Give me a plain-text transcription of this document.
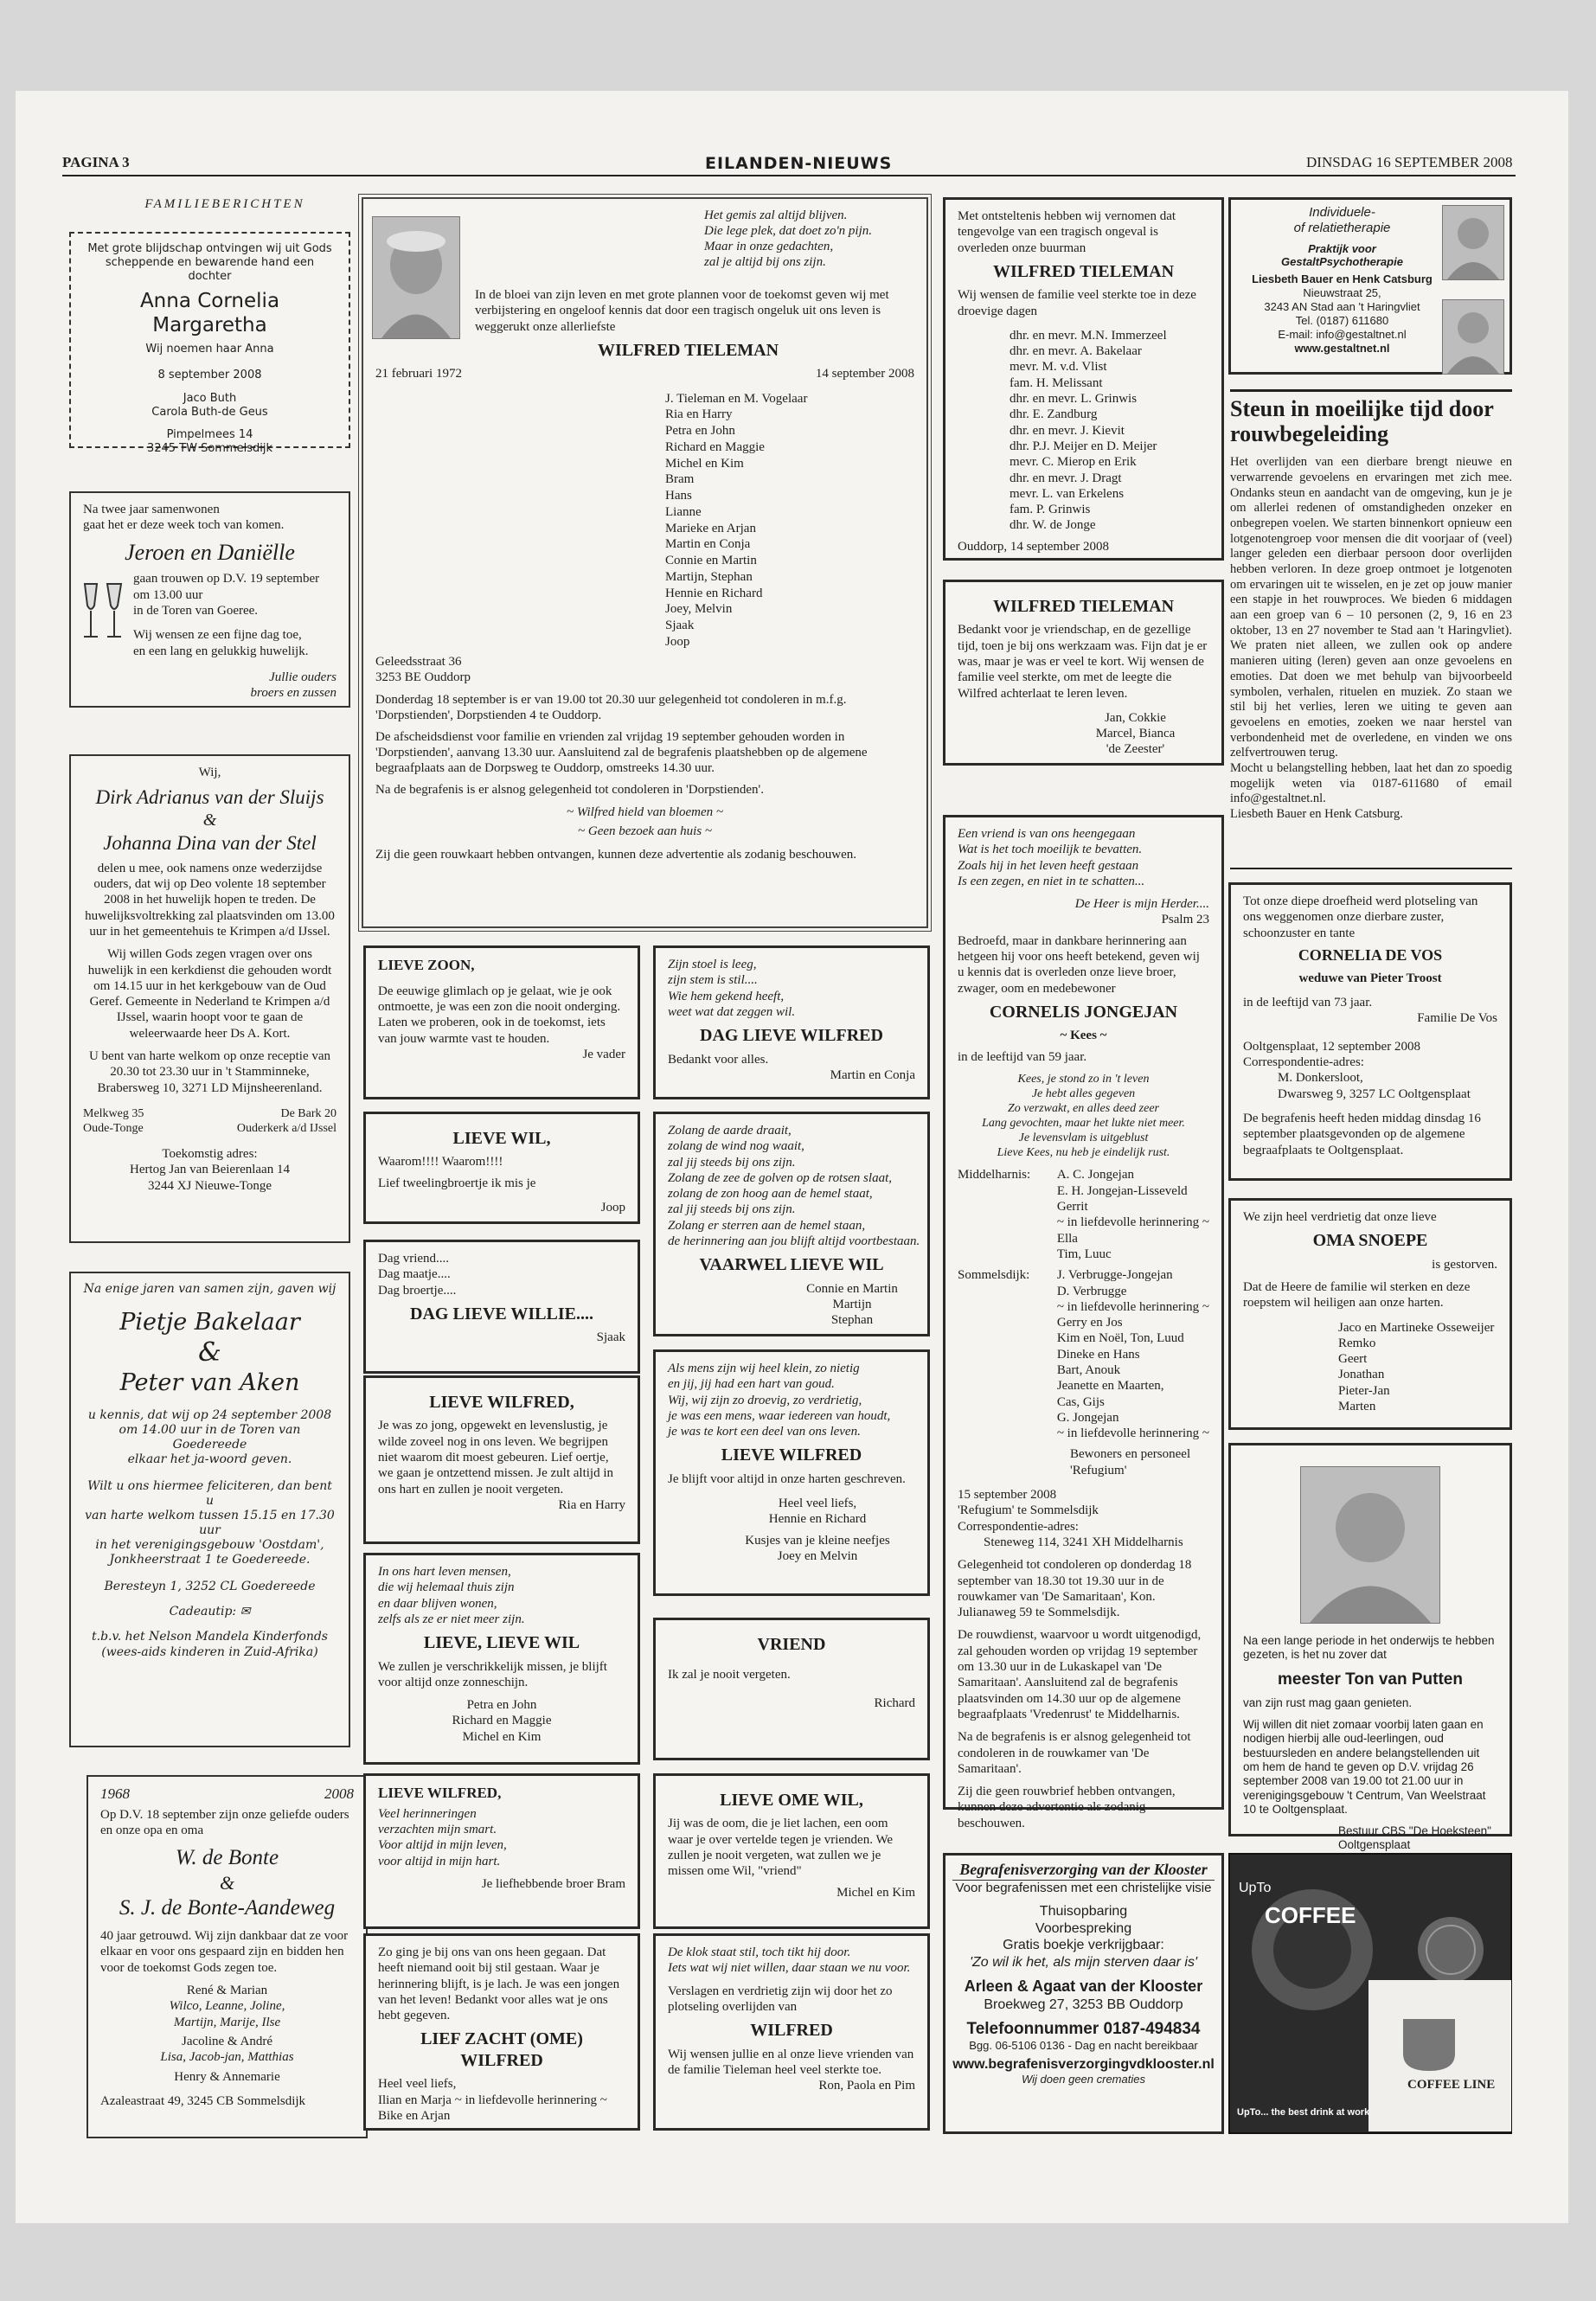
PAGINA 3	EILANDEN-NIEUWS	DINSDAG 16 SEPTEMBER 2008
FAMILIEBERICHTEN
Met grote blijdschap ontvingen wij uit Gods scheppende en bewarende hand een dochter
Anna Cornelia Margaretha
Wij noemen haar Anna
8 september 2008
Jaco Buth
Carola Buth-de Geus
Pimpelmees 14
3245 TW Sommelsdijk
Na twee jaar samenwonen
gaat het er deze week toch van komen.
Jeroen en Daniëlle
gaan trouwen op D.V. 19 september
om 13.00 uur
in de Toren van Goeree.
Wij wensen ze een fijne dag toe,
en een lang en gelukkig huwelijk.
Jullie ouders
broers en zussen
Wij,
Dirk Adrianus van der Sluijs
&
Johanna Dina van der Stel
delen u mee, ook namens onze wederzijdse ouders, dat wij op Deo volente 18 september 2008 in het huwelijk hopen te treden. De huwelijksvoltrekking zal plaatsvinden om 13.00 uur in het gemeentehuis te Krimpen a/d IJssel.
Wij willen Gods zegen vragen over ons huwelijk in een kerkdienst die gehouden wordt om 14.15 uur in het kerkgebouw van de Oud Geref. Gemeente in Nederland te Krimpen a/d IJssel, waarin hoopt voor te gaan de weleerwaarde heer Ds A. Kort.
U bent van harte welkom op onze receptie van 20.30 tot 23.30 uur in 't Stamminneke, Brabersweg 10, 3271 LD Mijnsheerenland.
Melkweg 35
Oude-Tonge
De Bark 20
Ouderkerk a/d IJssel
Toekomstig adres:
Hertog Jan van Beierenlaan 14
3244 XJ Nieuwe-Tonge
Na enige jaren van samen zijn, gaven wij
Pietje Bakelaar
&
Peter van Aken
u kennis, dat wij op 24 september 2008
om 14.00 uur in de Toren van Goedereede
elkaar het ja-woord geven.
Wilt u ons hiermee feliciteren, dan bent u
van harte welkom tussen 15.15 en 17.30 uur
in het verenigingsgebouw 'Oostdam',
Jonkheerstraat 1 te Goedereede.
Beresteyn 1, 3252 CL Goedereede
Cadeautip: ✉
t.b.v. het Nelson Mandela Kinderfonds
(wees-aids kinderen in Zuid-Afrika)
1968	2008
Op D.V. 18 september zijn onze geliefde ouders en onze opa en oma
W. de Bonte
&
S. J. de Bonte-Aandeweg
40 jaar getrouwd. Wij zijn dankbaar dat ze voor elkaar en voor ons gespaard zijn en bidden hen voor de toekomst Gods zegen toe.
René & Marian
Wilco, Leanne, Joline,
Martijn, Marije, Ilse
Jacoline & André
Lisa, Jacob-jan, Matthias
Henry & Annemarie
Azaleastraat 49, 3245 CB Sommelsdijk
Het gemis zal altijd blijven.
Die lege plek, dat doet zo'n pijn.
Maar in onze gedachten,
zal je altijd bij ons zijn.
In de bloei van zijn leven en met grote plannen voor de toekomst geven wij met verbijstering en ongeloof kennis dat door een tragisch ongeluk uit ons leven is weggerukt onze allerliefste
WILFRED TIELEMAN
21 februari 1972	14 september 2008
J. Tieleman en M. Vogelaar
Ria en Harry
Petra en John
Richard en Maggie
Michel en Kim
Bram
Hans
Lianne
Marieke en Arjan
Martin en Conja
Connie en Martin
Martijn, Stephan
Hennie en Richard
Joey, Melvin
Sjaak
Joop
Geleedsstraat 36
3253 BE Ouddorp
Donderdag 18 september is er van 19.00 tot 20.30 uur gelegenheid tot condoleren in m.f.g. 'Dorpstienden', Dorpstienden 4 te Ouddorp.
De afscheidsdienst voor familie en vrienden zal vrijdag 19 september gehouden worden in 'Dorpstienden', aanvang 13.30 uur. Aansluitend zal de begrafenis plaatshebben op de algemene begraafplaats aan de Dorpsweg te Ouddorp, omstreeks 14.30 uur.
Na de begrafenis is er alsnog gelegenheid tot condoleren in 'Dorpstienden'.
~ Wilfred hield van bloemen ~
~ Geen bezoek aan huis ~
Zij die geen rouwkaart hebben ontvangen, kunnen deze advertentie als zodanig beschouwen.
LIEVE ZOON,
De eeuwige glimlach op je gelaat, wie je ook ontmoette, je was een zon die nooit onderging. Laten we proberen, ook in de toekomst, iets van jouw warmte vast te houden.
Je vader
LIEVE WIL,
Waarom!!!! Waarom!!!!
Lief tweelingbroertje ik mis je
Joop
Dag vriend....
Dag maatje....
Dag broertje....
DAG LIEVE WILLIE....
Sjaak
LIEVE WILFRED,
Je was zo jong, opgewekt en levenslustig, je wilde zoveel nog in ons leven. We begrijpen niet waarom dit moest gebeuren. Lief oertje, we gaan je ontzettend missen. Je zult altijd in ons hart en zullen je nooit vergeten.
Ria en Harry
In ons hart leven mensen,
die wij helemaal thuis zijn
en daar blijven wonen,
zelfs als ze er niet meer zijn.
LIEVE, LIEVE WIL
We zullen je verschrikkelijk missen, je blijft voor altijd onze zonneschijn.
Petra en John
Richard en Maggie
Michel en Kim
LIEVE WILFRED,
Veel herinneringen
verzachten mijn smart.
Voor altijd in mijn leven,
voor altijd in mijn hart.
Je liefhebbende broer Bram
Zo ging je bij ons van ons heen gegaan. Dat heeft niemand ooit bij stil gestaan. Waar je herinnering blijft, is je lach. Je was een jongen van het leven! Bedankt voor alles wat je ons hebt gegeven.
LIEF ZACHT (OME) WILFRED
Heel veel liefs,
Ilian en Marja ~ in liefdevolle herinnering ~
Bike en Arjan
Zijn stoel is leeg,
zijn stem is stil....
Wie hem gekend heeft,
weet wat dat zeggen wil.
DAG LIEVE WILFRED
Bedankt voor alles.
Martin en Conja
Zolang de aarde draait,
zolang de wind nog waait,
zal jij steeds bij ons zijn.
Zolang de zee de golven op de rotsen slaat,
zolang de zon hoog aan de hemel staat,
zal jij steeds bij ons zijn.
Zolang er sterren aan de hemel staan,
de herinnering aan jou blijft altijd voortbestaan.
VAARWEL LIEVE WIL
Connie en Martin
Martijn
Stephan
Als mens zijn wij heel klein, zo nietig
en jij, jij had een hart van goud.
Wij, wij zijn zo droevig, zo verdrietig,
je was een mens, waar iedereen van houdt,
je was te kort een deel van ons leven.
LIEVE WILFRED
Je blijft voor altijd in onze harten geschreven.
Heel veel liefs,
Hennie en Richard
Kusjes van je kleine neefjes
Joey en Melvin
VRIEND
Ik zal je nooit vergeten.
Richard
LIEVE OME WIL,
Jij was de oom, die je liet lachen, een oom waar je over vertelde tegen je vrienden. We zullen je nooit vergeten, wat zullen we je missen ome Wil, "vriend"
Michel en Kim
De klok staat stil, toch tikt hij door.
Iets wat wij niet willen, daar staan we nu voor.
Verslagen en verdrietig zijn wij door het zo plotseling overlijden van
WILFRED
Wij wensen jullie en al onze lieve vrienden van de familie Tieleman heel veel sterkte toe.
Ron, Paola en Pim
Met ontsteltenis hebben wij vernomen dat tengevolge van een tragisch ongeval is overleden onze buurman
WILFRED TIELEMAN
Wij wensen de familie veel sterkte toe in deze droevige dagen
dhr. en mevr. M.N. Immerzeel
dhr. en mevr. A. Bakelaar
mevr. M. v.d. Vlist
fam. H. Melissant
dhr. en mevr. L. Grinwis
dhr. E. Zandburg
dhr. en mevr. J. Kievit
dhr. P.J. Meijer en D. Meijer
mevr. C. Mierop en Erik
dhr. en mevr. J. Dragt
mevr. L. van Erkelens
fam. P. Grinwis
dhr. W. de Jonge
Ouddorp, 14 september 2008
WILFRED TIELEMAN
Bedankt voor je vriendschap, en de gezellige tijd, toen je bij ons werkzaam was. Fijn dat je er was, maar je was er veel te kort. Wij wensen de familie veel sterkte, om met de leegte die Wilfred achterlaat te leren leven.
Jan, Cokkie
Marcel, Bianca
'de Zeester'
Een vriend is van ons heengegaan
Wat is het toch moeilijk te bevatten.
Zoals hij in het leven heeft gestaan
Is een zegen, en niet in te schatten...
De Heer is mijn Herder....
Psalm 23
Bedroefd, maar in dankbare herinnering aan hetgeen hij voor ons heeft betekend, geven wij u kennis dat is overleden onze lieve broer, zwager, oom en medebewoner
CORNELIS JONGEJAN
~ Kees ~
in de leeftijd van 59 jaar.
Kees, je stond zo in 't leven
Je hebt alles gegeven
Zo verzwakt, en alles deed zeer
Lang gevochten, maar het lukte niet meer.
Je levensvlam is uitgeblust
Lieve Kees, nu heb je eindelijk rust.
Middelharnis:	A. C. Jongejan
E. H. Jongejan-Lisseveld
Gerrit
~ in liefdevolle herinnering ~
Ella
Tim, Luuc
Sommelsdijk:	J. Verbrugge-Jongejan
D. Verbrugge
~ in liefdevolle herinnering ~
Gerry en Jos
Kim en Noël, Ton, Luud
Dineke en Hans
Bart, Anouk
Jeanette en Maarten,
Cas, Gijs
G. Jongejan
~ in liefdevolle herinnering ~
Bewoners en personeel 'Refugium'
15 september 2008
'Refugium' te Sommelsdijk
Correspondentie-adres:
Steneweg 114, 3241 XH Middelharnis
Gelegenheid tot condoleren op donderdag 18 september van 18.30 tot 19.30 uur in de rouwkamer van 'De Samaritaan', Kon. Julianaweg 59 te Sommelsdijk.
De rouwdienst, waarvoor u wordt uitgenodigd, zal gehouden worden op vrijdag 19 september om 13.30 uur in de Lukaskapel van 'De Samaritaan'. Aansluitend zal de begrafenis plaatsvinden om 14.30 uur op de algemene begraafplaats 'Vredenrust' te Middelharnis.
Na de begrafenis is er alsnog gelegenheid tot condoleren in de rouwkamer van 'De Samaritaan'.
Zij die geen rouwbrief hebben ontvangen, kunnen deze advertentie als zodanig beschouwen.
Begrafenisverzorging van der Klooster
Voor begrafenissen met een christelijke visie
Thuisopbaring
Voorbespreking
Gratis boekje verkrijgbaar:
'Zo wil ik het, als mijn sterven daar is'
Arleen & Agaat van der Klooster
Broekweg 27, 3253 BB Ouddorp
Telefoonnummer 0187-494834
Bgg. 06-5106 0136 - Dag en nacht bereikbaar
www.begrafenisverzorgingvdklooster.nl
Wij doen geen crematies
Individuele-
of relatietherapie
Praktijk voor
GestaltPsychotherapie
Liesbeth Bauer en Henk Catsburg
Nieuwstraat 25,
3243 AN Stad aan 't Haringvliet
Tel. (0187) 611680
E-mail: info@gestaltnet.nl
www.gestaltnet.nl
Steun in moeilijke tijd door rouwbegeleiding
Het overlijden van een dierbare brengt nieuwe en verwarrende gevoelens en ervaringen met zich mee. Ondanks steun en aandacht van de omgeving, kun je je om allerlei redenen of omstandigheden onzeker en onbegrepen voelen. We starten binnenkort opnieuw een lotgenotengroep voor mensen die dit voorjaar of (veel) langer geleden een dierbaar persoon door overlijden hebben verloren. In deze groep ontmoet je lotgenoten om ervaringen uit te wisselen, en je zet op jouw manier een stapje in het rouwproces. We bieden 6 middagen aan een groep van 6 – 10 personen (2, 9, 16 en 23 oktober, 13 en 27 november te Stad aan 't Haringvliet). We praten niet alleen, we zullen ook op andere manieren uiting (leren) geven aan onze gevoelens en emoties. Dat doen we met behulp van bijvoorbeeld symbolen, verhalen, rituelen en muziek. Zo staan we stil bij het verlies, leren we uiting te geven aan gevoelens en emoties, zoeken we naar herstel van verbondenheid met de overledene, en vinden we ons zelfvertrouwen terug.
Mocht u belangstelling hebben, laat het dan zo spoedig mogelijk weten via 0187-611680 of email info@gestaltnet.nl.
Liesbeth Bauer en Henk Catsburg.
Tot onze diepe droefheid werd plotseling van ons weggenomen onze dierbare zuster, schoonzuster en tante
CORNELIA DE VOS
weduwe van Pieter Troost
in de leeftijd van 73 jaar.
Familie De Vos
Ooltgensplaat, 12 september 2008
Correspondentie-adres:
M. Donkersloot,
Dwarsweg 9, 3257 LC Ooltgensplaat
De begrafenis heeft heden middag dinsdag 16 september plaatsgevonden op de algemene begraafplaats te Ooltgensplaat.
We zijn heel verdrietig dat onze lieve
OMA SNOEPE
is gestorven.
Dat de Heere de familie wil sterken en deze roepstem wil heiligen aan onze harten.
Jaco en Martineke Osseweijer
Remko
Geert
Jonathan
Pieter-Jan
Marten
Na een lange periode in het onderwijs te hebben gezeten, is het nu zover dat
meester Ton van Putten
van zijn rust mag gaan genieten.
Wij willen dit niet zomaar voorbij laten gaan en nodigen hierbij alle oud-leerlingen, oud bestuursleden en andere belangstellenden uit om hem de hand te geven op D.V. vrijdag 26 september 2008 van 19.00 tot 21.00 uur in verenigingsgebouw 't Centrum, Van Weelstraat 10 te Ooltgensplaat.
Bestuur CBS "De Hoeksteen"
Ooltgensplaat
UpTo
COFFEE
COFFEE LINE
UpTo... the best drink at work
